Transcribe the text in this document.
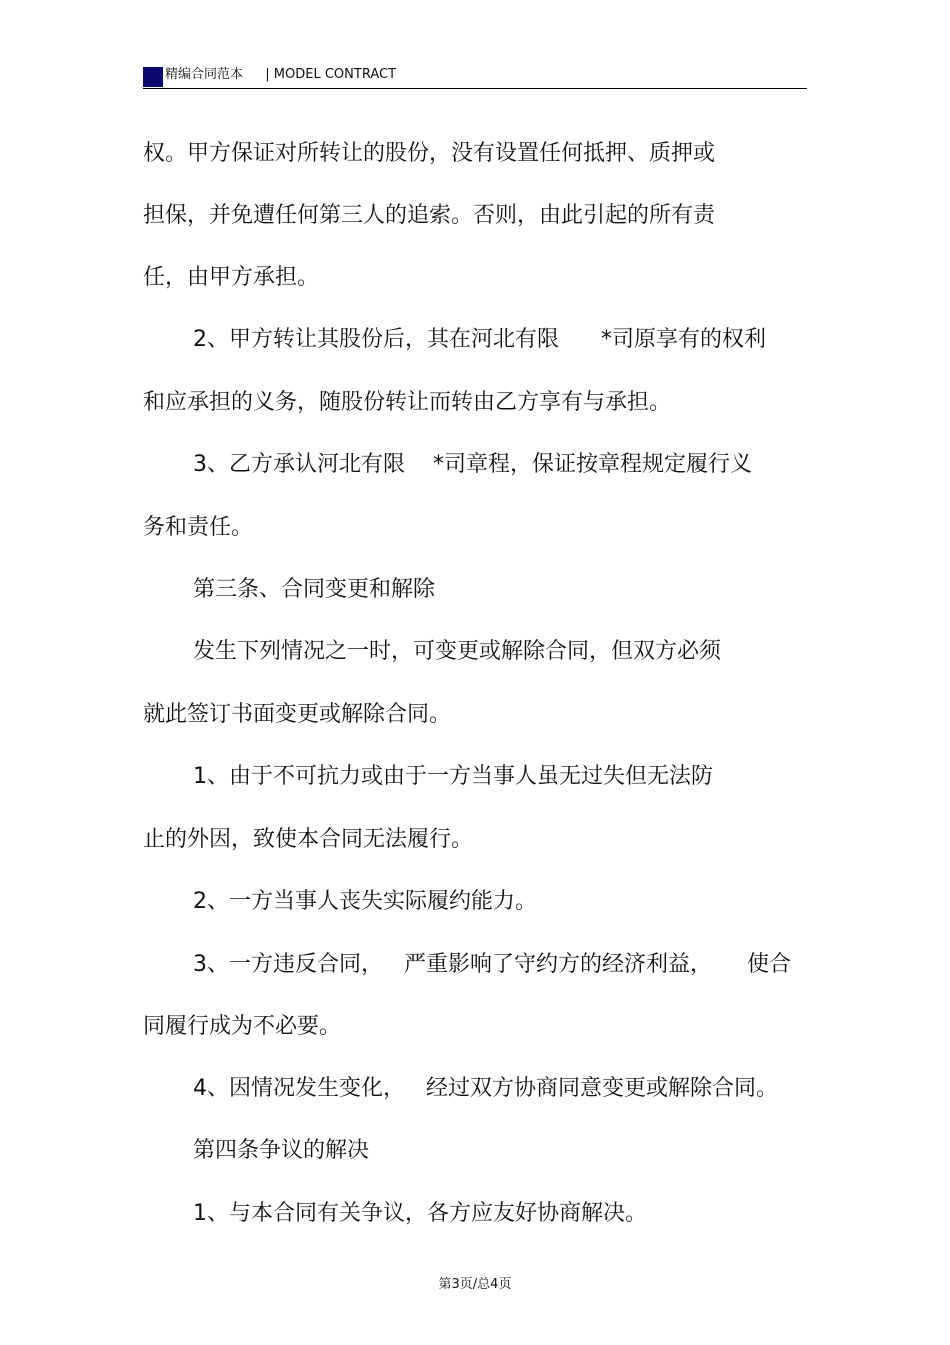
精编合同范本 | MODEL CONTRACT
权。甲方保证对所转让的股份，没有设置任何抵押、质押或
担保，并免遭任何第三人的追索。否则，由此引起的所有责
任，由甲方承担。
2、甲方转让其股份后，其在河北有限      *司原享有的权利
和应承担的义务，随股份转让而转由乙方享有与承担。
3、乙方承认河北有限    *司章程，保证按章程规定履行义
务和责任。
第三条、合同变更和解除
发生下列情况之一时，可变更或解除合同，但双方必须
就此签订书面变更或解除合同。
1、由于不可抗力或由于一方当事人虽无过失但无法防
止的外因，致使本合同无法履行。
2、一方当事人丧失实际履约能力。
3、一方违反合同，   严重影响了守约方的经济利益，     使合
同履行成为不必要。
4、因情况发生变化，   经过双方协商同意变更或解除合同。
第四条争议的解决
1、与本合同有关争议，各方应友好协商解决。
第3页/总4页
